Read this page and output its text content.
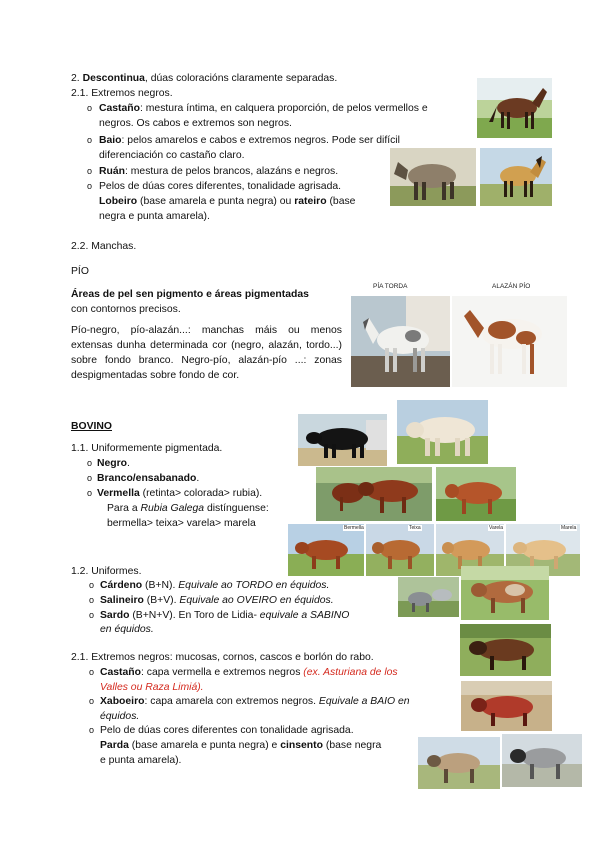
2. Descontinua, dúas coloracións claramente separadas.
2.1. Extremos negros.
o Castaño: mestura íntima, en calquera proporción, de pelos vermellos e
negros. Os cabos e extremos son negros.
o Baio: pelos amarelos e cabos e extremos negros. Pode ser difícil
diferenciación co castaño claro.
o Ruán: mestura de pelos brancos, alazáns e negros.
o Pelos de dúas cores diferentes, tonalidade agrisada.
Lobeiro (base amarela e punta negra) ou rateiro (base
negra e punta amarela).
2.2. Manchas.
PÍO
Áreas de pel sen pigmento e áreas pigmentadas
con contornos precisos.
Pío-negro, pío-alazán...: manchas máis ou menos extensas dunha determinada cor (negro, alazán, tordo...) sobre fondo branco. Negro-pío, alazán-pío ...: zonas despigmentadas sobre fondo de cor.
PÍA TORDA	ALAZÁN PÍO
BOVINO
1.1. Uniformemente pigmentada.
o Negro.
o Branco/ensabanado.
o Vermella (retinta> colorada> rubia).
Para a Rubia Galega distínguense:
bermella> teixa> varela> marela
1.2. Uniformes.
o Cárdeno (B+N). Equivale ao TORDO en équidos.
o Salineiro (B+V). Equivale ao OVEIRO en équidos.
o Sardo (B+N+V). En Toro de Lidia- equivale a SABINO
en équidos.
2.1. Extremos negros: mucosas, cornos, cascos e borlón do rabo.
o Castaño: capa vermella e extremos negros (ex. Asturiana de los
Valles ou Raza Limiá).
o Xaboeiro: capa amarela con extremos negros. Equivale a BAIO en
équidos.
o Pelo de dúas cores diferentes con tonalidade agrisada.
Parda (base amarela e punta negra) e cinsento (base negra
e punta amarela).
Bermella	Teixa	Varela	Marela
